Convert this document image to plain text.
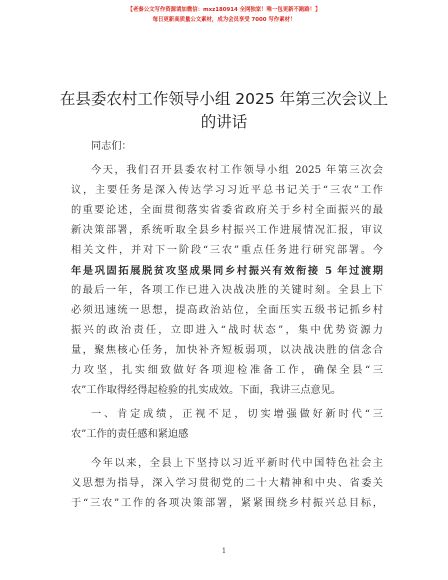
【老秦公文写作资源请加微信：mxz180914 全网独家！唯一包更新不跑路！】
每日更新高质量公文素材，成为会员享受 7000 写作素材！
在县委农村工作领导小组 2025 年第三次会议上
的讲话
同志们：
今天，我们召开县委农村工作领导小组 2025 年第三次会
议，主要任务是深入传达学习习近平总书记关于“三农”工作
的重要论述，全面贯彻落实省委省政府关于乡村全面振兴的最
新决策部署，系统听取全县乡村振兴工作进展情况汇报，审议
相关文件，并对下一阶段“三农”重点任务进行研究部署。今
年是巩固拓展脱贫攻坚成果同乡村振兴有效衔接 5 年过渡期
的最后一年，各项工作已进入决战决胜的关键时刻。全县上下
必须迅速统一思想，提高政治站位，全面压实五级书记抓乡村
振兴的政治责任，立即进入“战时状态”，集中优势资源力
量，聚焦核心任务，加快补齐短板弱项，以决战决胜的信念合
力攻坚，扎实细致做好各项迎检准备工作，确保全县“三
农”工作取得经得起检验的扎实成效。下面，我讲三点意见。
一、肯定成绩，正视不足，切实增强做好新时代“三
农”工作的责任感和紧迫感
今年以来，全县上下坚持以习近平新时代中国特色社会主
义思想为指导，深入学习贯彻党的二十大精神和中央、省委关
于“三农”工作的各项决策部署，紧紧围绕乡村振兴总目标，
1
